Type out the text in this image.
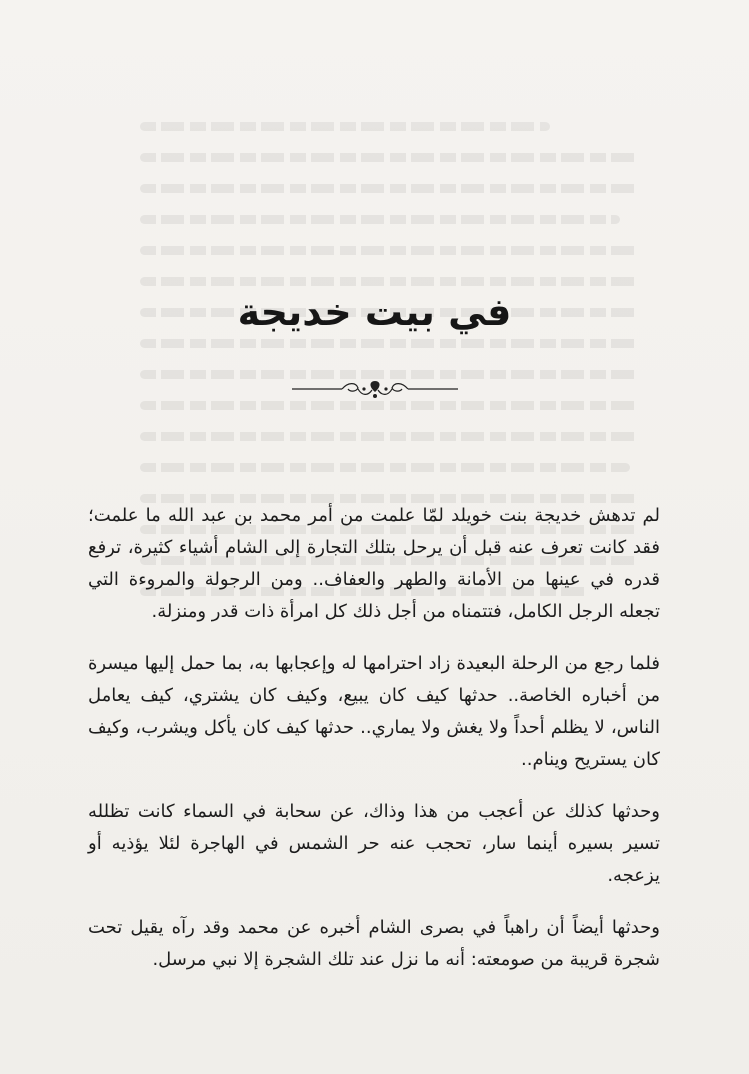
في بيت خديجة

لم تدهش خديجة بنت خويلد لمّا علمت من أمر محمد بن عبد الله ما علمت؛ فقد كانت تعرف عنه قبل أن يرحل بتلك التجارة إلى الشام أشياء كثيرة، ترفع قدره في عينها من الأمانة والطهر والعفاف.. ومن الرجولة والمروءة التي تجعله الرجل الكامل، فتتمناه من أجل ذلك كل امرأة ذات قدر ومنزلة.

فلما رجع من الرحلة البعيدة زاد احترامها له وإعجابها به، بما حمل إليها ميسرة من أخباره الخاصة.. حدثها كيف كان يبيع، وكيف كان يشتري، كيف يعامل الناس، لا يظلم أحداً ولا يغش ولا يماري.. حدثها كيف كان يأكل ويشرب، وكيف كان يستريح وينام..

وحدثها كذلك عن أعجب من هذا وذاك، عن سحابة في السماء كانت تظلله تسير بسيره أينما سار، تحجب عنه حر الشمس في الهاجرة لئلا يؤذيه أو يزعجه.

وحدثها أيضاً أن راهباً في بصرى الشام أخبره عن محمد وقد رآه يقيل تحت شجرة قريبة من صومعته: أنه ما نزل عند تلك الشجرة إلا نبي مرسل.
